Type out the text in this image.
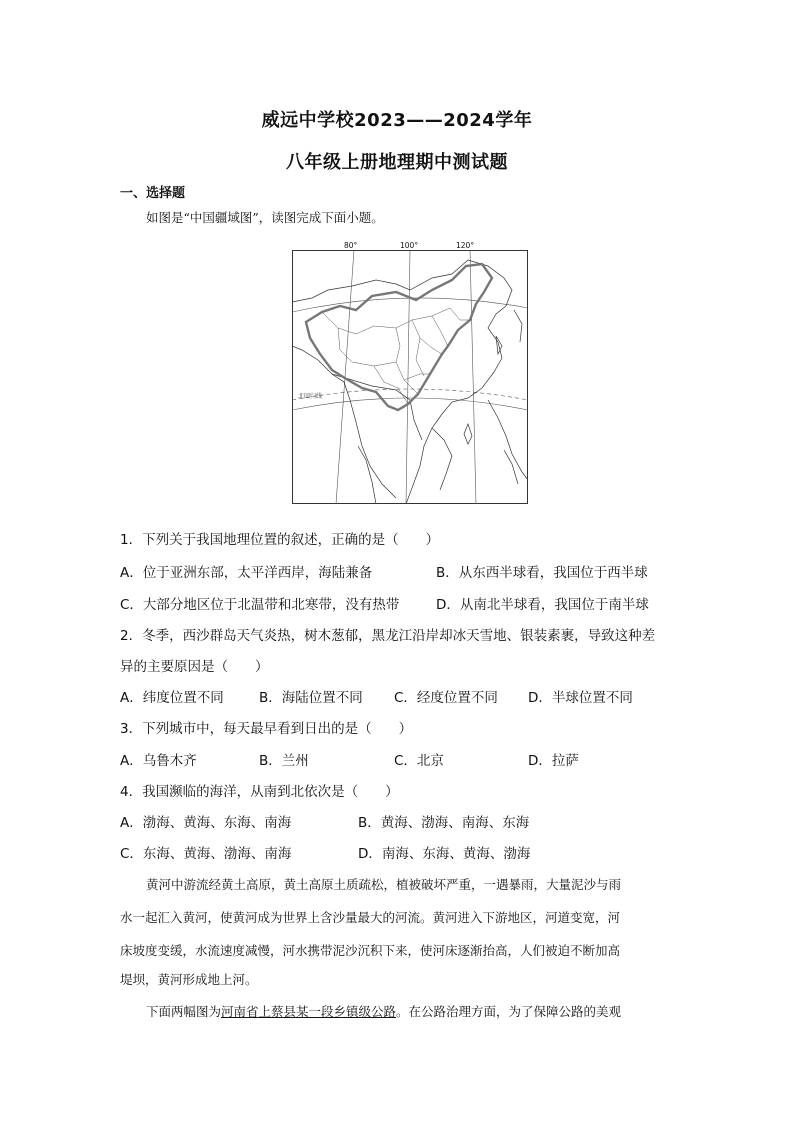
威远中学校2023——2024学年
八年级上册地理期中测试题
一、选择题
如图是“中国疆域图”，读图完成下面小题。
北回归线
80°	100°	120°
1．下列关于我国地理位置的叙述，正确的是（　　）
A．位于亚洲东部，太平洋西岸，海陆兼备	B．从东西半球看，我国位于西半球
C．大部分地区位于北温带和北寒带，没有热带	D．从南北半球看，我国位于南半球
2．冬季，西沙群岛天气炎热，树木葱郁，黑龙江沿岸却冰天雪地、银装素裹，导致这种差
异的主要原因是（　　）
A．纬度位置不同	B．海陆位置不同 C．经度位置不同 D．半球位置不同
3．下列城市中，每天最早看到日出的是（　　）
A．乌鲁木齐	B．兰州	C．北京	D．拉萨
4．我国濒临的海洋，从南到北依次是（　　）
A．渤海、黄海、东海、南海	B．黄海、渤海、南海、东海
C．东海、黄海、渤海、南海	D．南海、东海、黄海、渤海
黄河中游流经黄土高原，黄土高原土质疏松，植被破坏严重，一遇暴雨，大量泥沙与雨
水一起汇入黄河，使黄河成为世界上含沙量最大的河流。黄河进入下游地区，河道变宽，河
床坡度变缓，水流速度减慢，河水携带泥沙沉积下来，使河床逐渐抬高，人们被迫不断加高
堤坝，黄河形成地上河。
下面两幅图为河南省上蔡县某一段乡镇级公路。在公路治理方面，为了保障公路的美观
